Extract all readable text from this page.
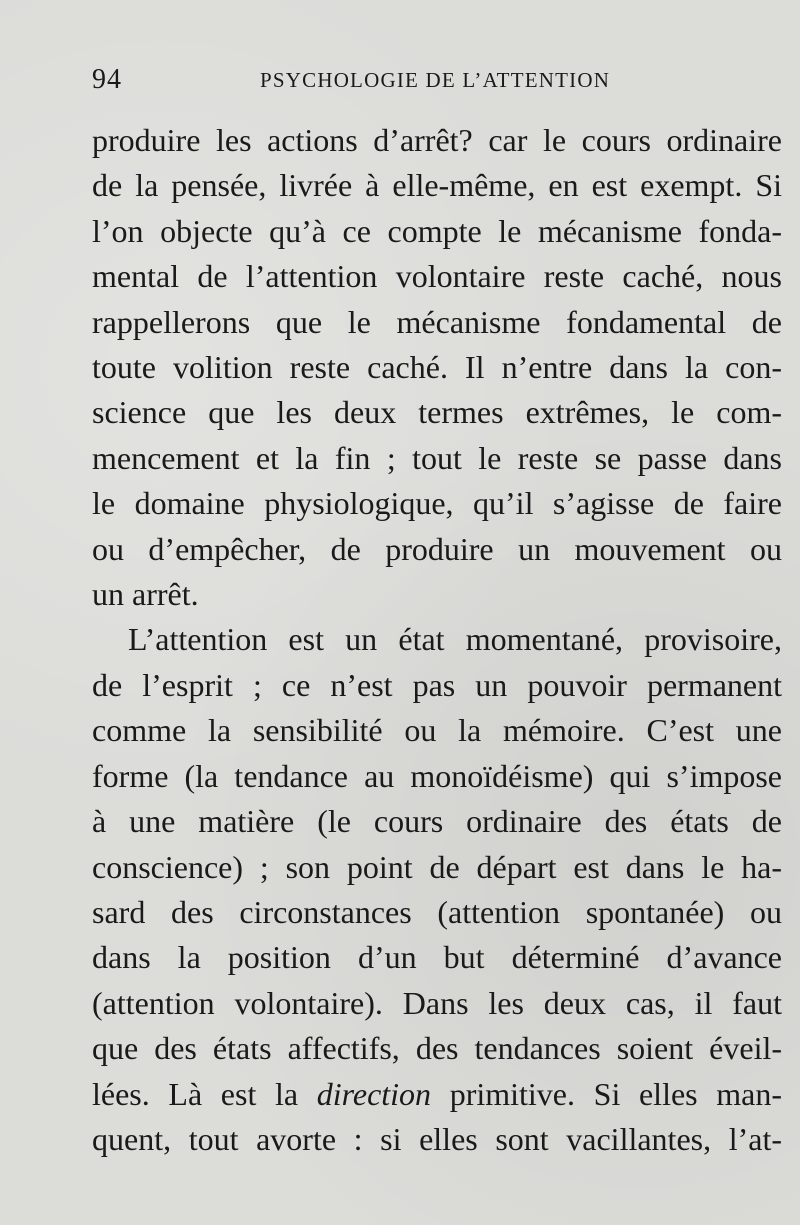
94	PSYCHOLOGIE DE L’ATTENTION
produire les actions d’arrêt? car le cours ordinaire
de la pensée, livrée à elle-même, en est exempt. Si
l’on objecte qu’à ce compte le mécanisme fonda-
mental de l’attention volontaire reste caché, nous
rappellerons que le mécanisme fondamental de
toute volition reste caché. Il n’entre dans la con-
science que les deux termes extrêmes, le com-
mencement et la fin ; tout le reste se passe dans
le domaine physiologique, qu’il s’agisse de faire
ou d’empêcher, de produire un mouvement ou
un arrêt.
L’attention est un état momentané, provisoire,
de l’esprit ; ce n’est pas un pouvoir permanent
comme la sensibilité ou la mémoire. C’est une
forme (la tendance au monoïdéisme) qui s’impose
à une matière (le cours ordinaire des états de
conscience) ; son point de départ est dans le ha-
sard des circonstances (attention spontanée) ou
dans la position d’un but déterminé d’avance
(attention volontaire). Dans les deux cas, il faut
que des états affectifs, des tendances soient éveil-
lées. Là est la direction primitive. Si elles man-
quent, tout avorte : si elles sont vacillantes, l’at-
